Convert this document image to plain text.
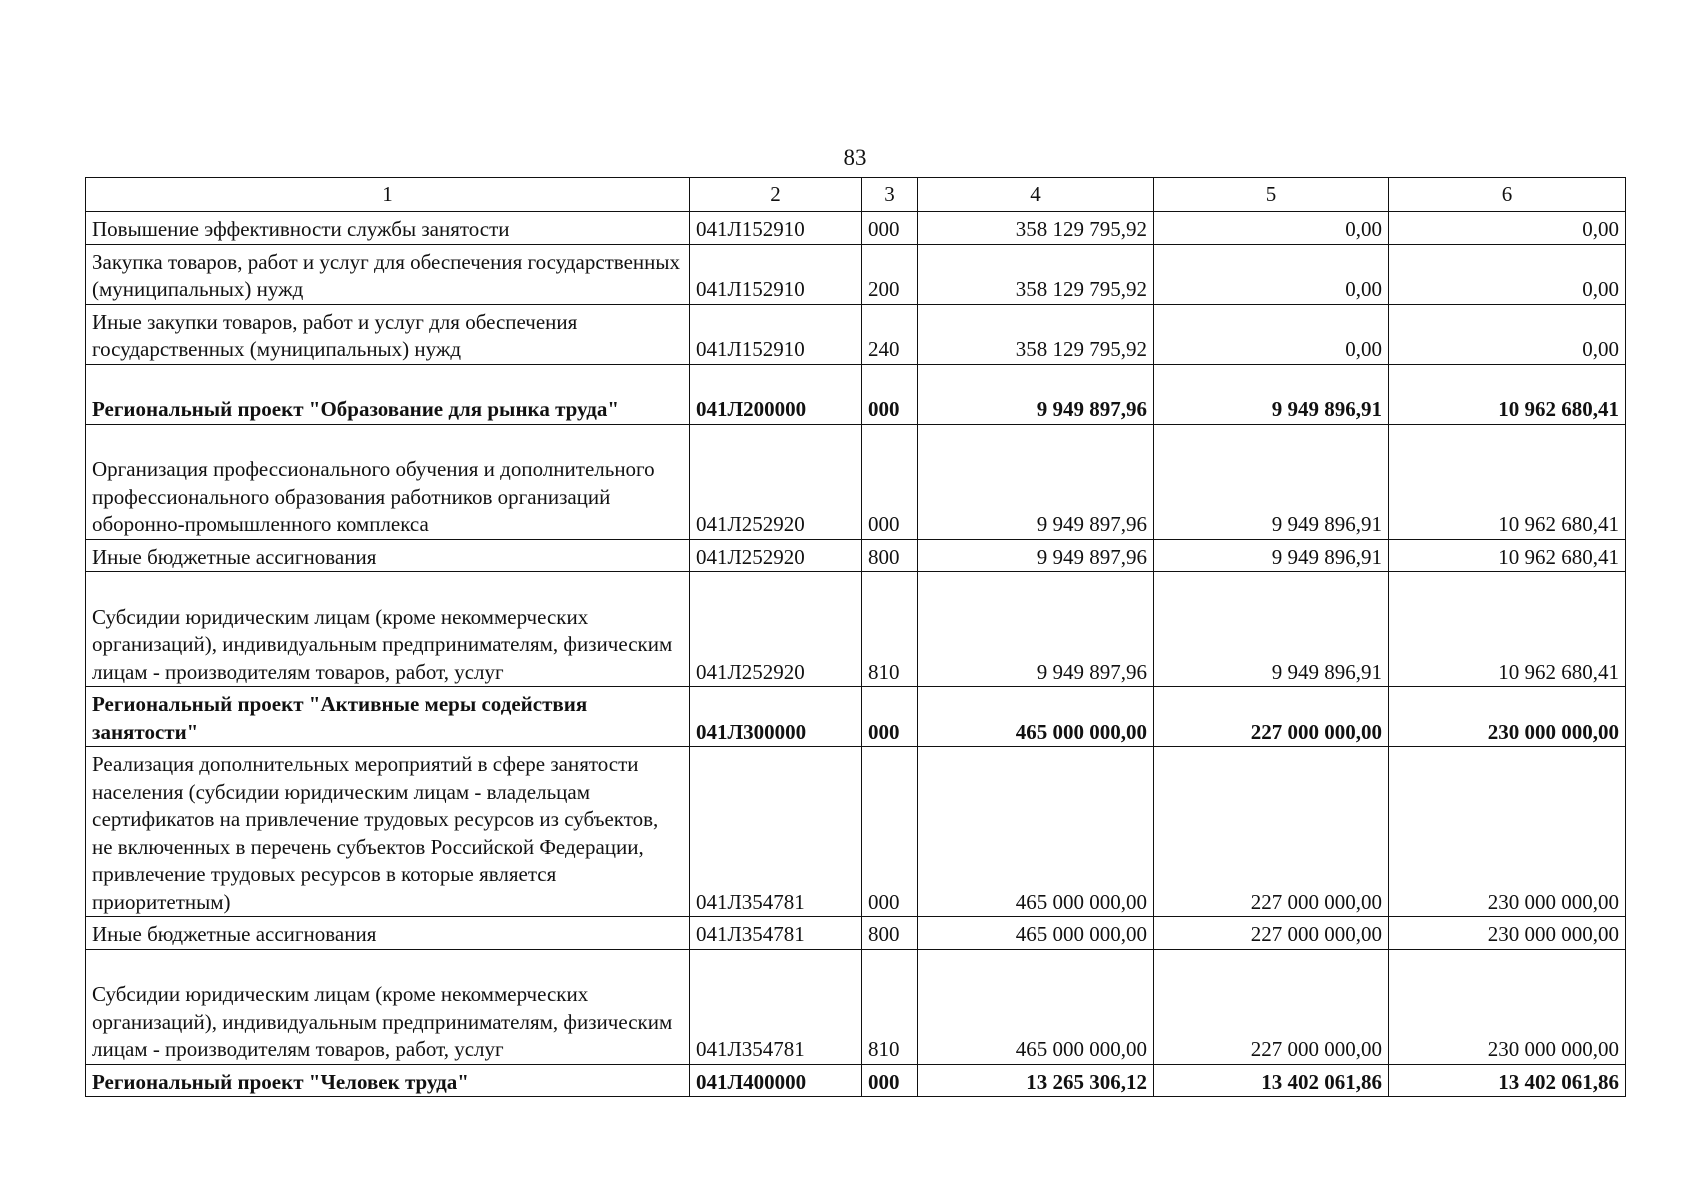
83
1	2	3	4	5	6
Повышение эффективности службы занятости	041Л152910	000	358 129 795,92	0,00	0,00
Закупка товаров, работ и услуг для обеспечения государственных (муниципальных) нужд	041Л152910	200	358 129 795,92	0,00	0,00
Иные закупки товаров, работ и услуг для обеспечения государственных (муниципальных) нужд	041Л152910	240	358 129 795,92	0,00	0,00
Региональный проект "Образование для рынка труда"	041Л200000	000	9 949 897,96	9 949 896,91	10 962 680,41
Организация профессионального обучения и дополнительного профессионального образования работников организаций оборонно-промышленного комплекса	041Л252920	000	9 949 897,96	9 949 896,91	10 962 680,41
Иные бюджетные ассигнования	041Л252920	800	9 949 897,96	9 949 896,91	10 962 680,41
Субсидии юридическим лицам (кроме некоммерческих организаций), индивидуальным предпринимателям, физическим лицам - производителям товаров, работ, услуг	041Л252920	810	9 949 897,96	9 949 896,91	10 962 680,41
Региональный проект "Активные меры содействия занятости"	041Л300000	000	465 000 000,00	227 000 000,00	230 000 000,00
Реализация дополнительных мероприятий в сфере занятости населения (субсидии юридическим лицам - владельцам сертификатов на привлечение трудовых ресурсов из субъектов, не включенных в перечень субъектов Российской Федерации, привлечение трудовых ресурсов в которые является приоритетным)	041Л354781	000	465 000 000,00	227 000 000,00	230 000 000,00
Иные бюджетные ассигнования	041Л354781	800	465 000 000,00	227 000 000,00	230 000 000,00
Субсидии юридическим лицам (кроме некоммерческих организаций), индивидуальным предпринимателям, физическим лицам - производителям товаров, работ, услуг	041Л354781	810	465 000 000,00	227 000 000,00	230 000 000,00
Региональный проект "Человек труда"	041Л400000	000	13 265 306,12	13 402 061,86	13 402 061,86
